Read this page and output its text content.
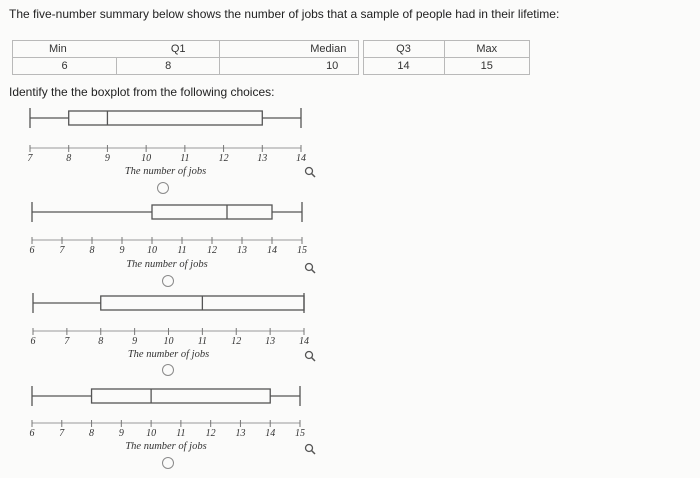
The five-number summary below shows the number of jobs that a sample of people had in their lifetime:
Min Q1	Median		Q3	Max

6 8	10		14	15
Identify the the boxplot from the following choices:
7	8	9	10	11	12	13	14
The number of jobs
6	7	8	9 10 11 12 13 14 15
The number of jobs
6	7	8	9	10 11 12 13 14
The number of jobs
6 7 8 9 10 11 12 13 14 15
The number of jobs
